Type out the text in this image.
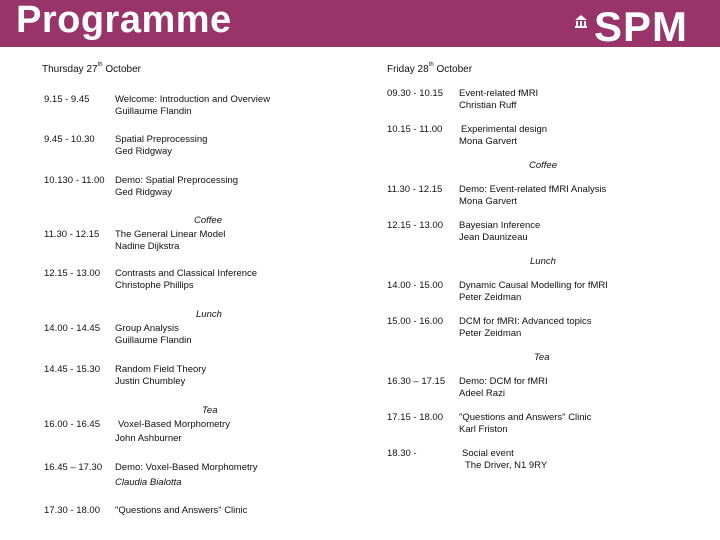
Programme	SPM
Thursday 27th October
9.15 - 9.45	Welcome: Introduction and Overview
Guillaume Flandin
9.45 - 10.30 Spatial Preprocessing
Ged Ridgway
10.130 - 11.00 Demo: Spatial Preprocessing
Ged Ridgway
Coffee
11.30 - 12.15 The General Linear Model
Nadine Dijkstra
12.15 - 13.00 Contrasts and Classical Inference
Christophe Phillips
Lunch
14.00 - 14.45 Group Analysis
Guillaume Flandin
14.45 - 15.30 Random Field Theory
Justin Chumbley
Tea
16.00 - 16.45 Voxel-Based Morphometry
John Ashburner
16.45 – 17.30 Demo: Voxel-Based Morphometry
Claudia Bialotta
17.30 - 18.00 "Questions and Answers" Clinic
Friday 28th October
09.30 - 10.15 Event-related fMRI
Christian Ruff
10.15 - 11.00 Experimental design
Mona Garvert
Coffee
11.30 - 12.15 Demo: Event-related fMRI Analysis
Mona Garvert
12.15 - 13.00 Bayesian Inference
Jean Daunizeau
Lunch
14.00 - 15.00 Dynamic Causal Modelling for fMRI
Peter Zeidman
15.00 - 16.00 DCM for fMRI: Advanced topics
Peter Zeidman
Tea
16.30 – 17.15 Demo: DCM for fMRI
Adeel Razi
17.15 - 18.00 "Questions and Answers" Clinic
Karl Friston
18.30 -	Social event
The Driver, N1 9RY
